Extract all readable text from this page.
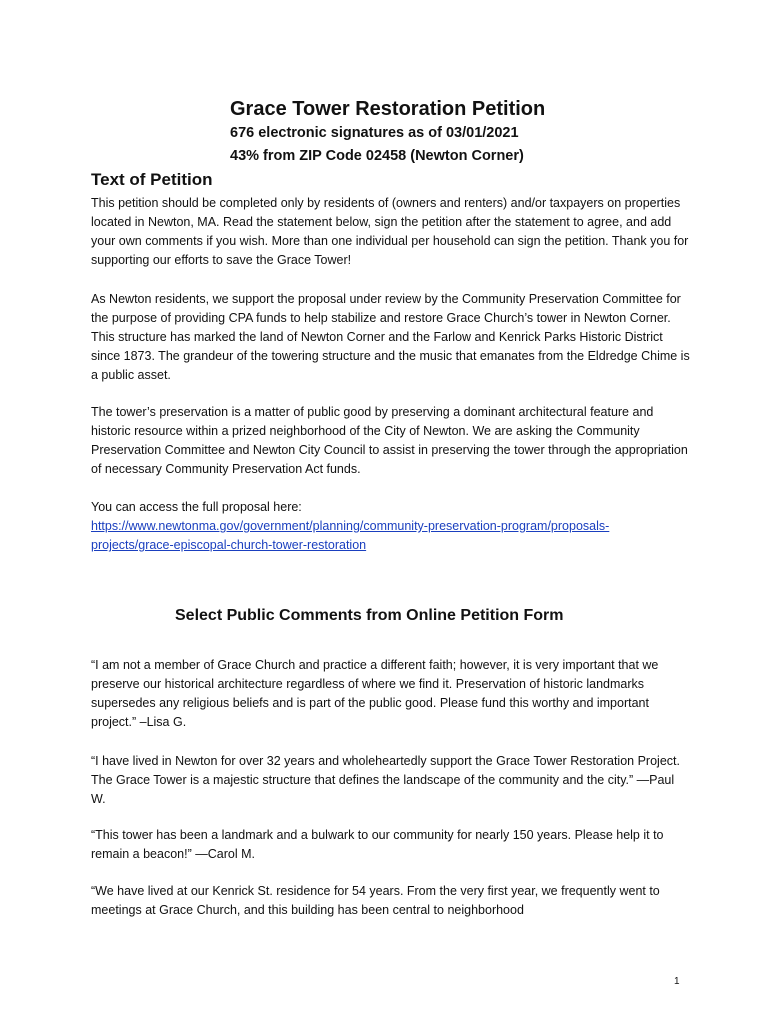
Grace Tower Restoration Petition

676 electronic signatures as of 03/01/2021

43% from ZIP Code 02458 (Newton Corner)

Text of Petition

This petition should be completed only by residents of (owners and renters) and/or taxpayers on properties located in Newton, MA. Read the statement below, sign the petition after the statement to agree, and add your own comments if you wish. More than one individual per household can sign the petition. Thank you for supporting our efforts to save the Grace Tower!

As Newton residents, we support the proposal under review by the Community Preservation Committee for the purpose of providing CPA funds to help stabilize and restore Grace Church’s tower in Newton Corner. This structure has marked the land of Newton Corner and the Farlow and Kenrick Parks Historic District since 1873. The grandeur of the towering structure and the music that emanates from the Eldredge Chime is a public asset.

The tower’s preservation is a matter of public good by preserving a dominant architectural feature and historic resource within a prized neighborhood of the City of Newton. We are asking the Community Preservation Committee and Newton City Council to assist in preserving the tower through the appropriation of necessary Community Preservation Act funds.

You can access the full proposal here:
https://www.newtonma.gov/government/planning/community-preservation-program/proposals-projects/grace-episcopal-church-tower-restoration
Select Public Comments from Online Petition Form

“I am not a member of Grace Church and practice a different faith; however, it is very important that we preserve our historical architecture regardless of where we find it. Preservation of historic landmarks supersedes any religious beliefs and is part of the public good. Please fund this worthy and important project.” –Lisa G.

“I have lived in Newton for over 32 years and wholeheartedly support the Grace Tower Restoration Project. The Grace Tower is a majestic structure that defines the landscape of the community and the city.” —Paul W.

“This tower has been a landmark and a bulwark to our community for nearly 150 years. Please help it to remain a beacon!” —Carol M.

“We have lived at our Kenrick St. residence for 54 years. From the very first year, we frequently went to meetings at Grace Church, and this building has been central to neighborhood

1
